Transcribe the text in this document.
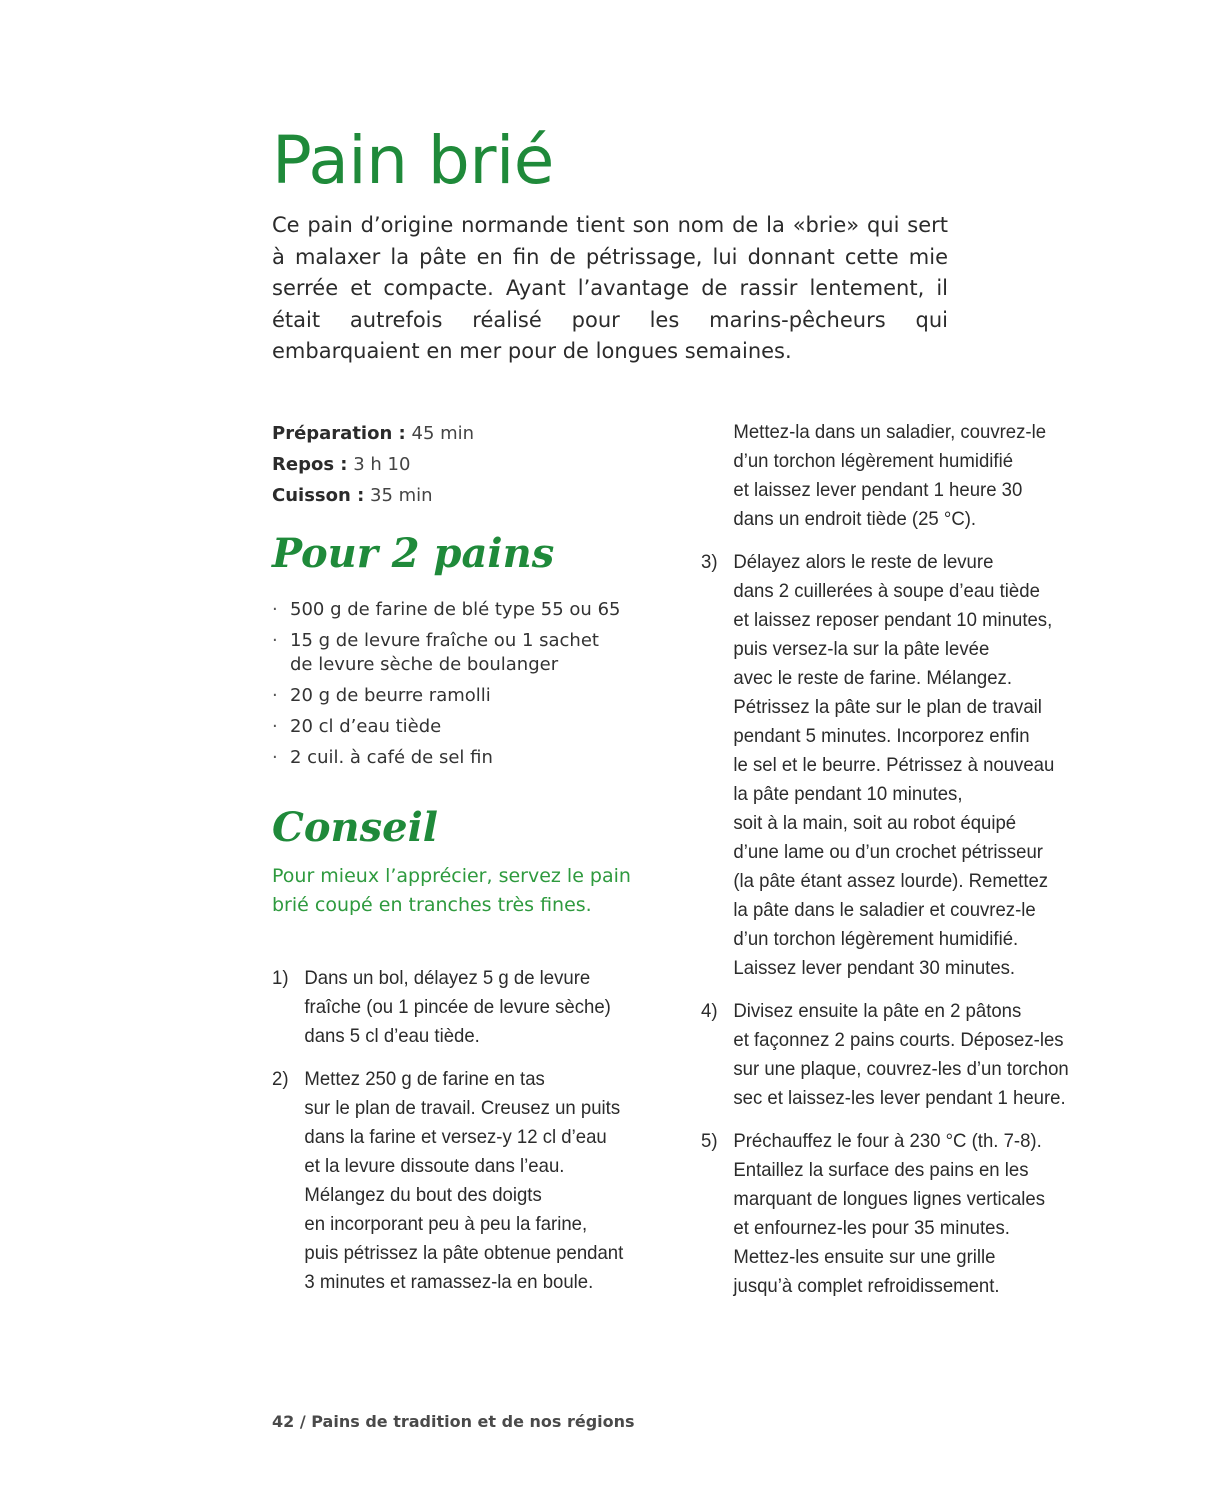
Pain brié

Ce pain d’origine normande tient son nom de la «brie» qui sert à malaxer la pâte en fin de pétrissage, lui donnant cette mie serrée et compacte. Ayant l’avantage de rassir lentement, il était autrefois réalisé pour les marins-pêcheurs qui embarquaient en mer pour de longues semaines.

Préparation : 45 min
Repos : 3 h 10
Cuisson : 35 min
Pour 2 pains
· 500 g de farine de blé type 55 ou 65
· 15 g de levure fraîche ou 1 sachet
de levure sèche de boulanger
· 20 g de beurre ramolli
· 20 cl d’eau tiède
· 2 cuil. à café de sel fin
Conseil

Pour mieux l’apprécier, servez le pain brié coupé en tranches très fines.

1) Dans un bol, délayez 5 g de levure
fraîche (ou 1 pincée de levure sèche)
dans 5 cl d’eau tiède.
2) Mettez 250 g de farine en tas
sur le plan de travail. Creusez un puits
dans la farine et versez-y 12 cl d’eau
et la levure dissoute dans l’eau.
Mélangez du bout des doigts
en incorporant peu à peu la farine,
puis pétrissez la pâte obtenue pendant
3 minutes et ramassez-la en boule.
Mettez-la dans un saladier, couvrez-le
d’un torchon légèrement humidifié
et laissez lever pendant 1 heure 30
dans un endroit tiède (25 °C).
3) Délayez alors le reste de levure
dans 2 cuillerées à soupe d’eau tiède
et laissez reposer pendant 10 minutes,
puis versez-la sur la pâte levée
avec le reste de farine. Mélangez.
Pétrissez la pâte sur le plan de travail
pendant 5 minutes. Incorporez enfin
le sel et le beurre. Pétrissez à nouveau
la pâte pendant 10 minutes,
soit à la main, soit au robot équipé
d’une lame ou d’un crochet pétrisseur
(la pâte étant assez lourde). Remettez
la pâte dans le saladier et couvrez-le
d’un torchon légèrement humidifié.
Laissez lever pendant 30 minutes.
4) Divisez ensuite la pâte en 2 pâtons
et façonnez 2 pains courts. Déposez-les
sur une plaque, couvrez-les d’un torchon
sec et laissez-les lever pendant 1 heure.
5) Préchauffez le four à 230 °C (th. 7-8).
Entaillez la surface des pains en les
marquant de longues lignes verticales
et enfournez-les pour 35 minutes.
Mettez-les ensuite sur une grille
jusqu’à complet refroidissement.
42 / Pains de tradition et de nos régions
